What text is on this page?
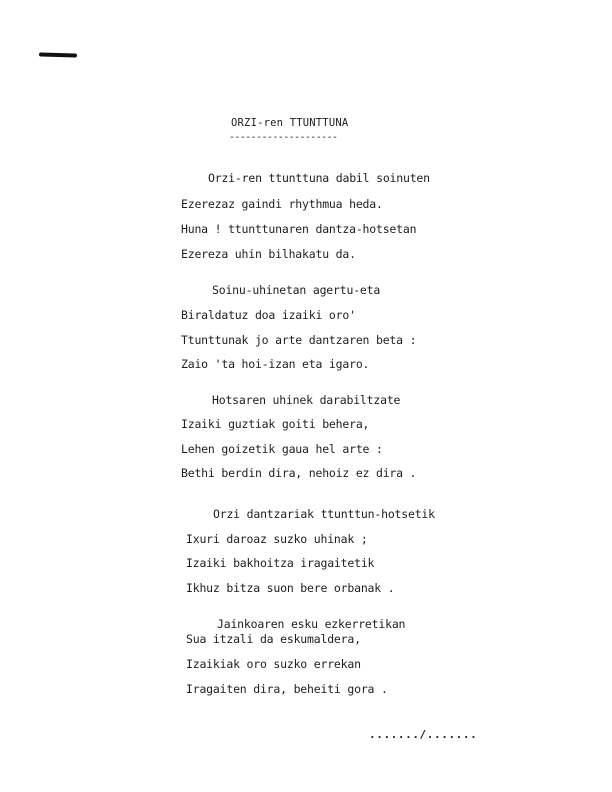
ORZI-ren TTUNTTUNA
--------------------
Orzi-ren ttunttuna dabil soinuten
Ezerezaz gaindi rhythmua heda.
Huna ! ttunttunaren dantza-hotsetan
Ezereza uhin bilhakatu da.
Soinu-uhinetan agertu-eta
Biraldatuz doa izaiki oro'
Ttunttunak jo arte dantzaren beta :
Zaio 'ta hoi-izan eta igaro.
Hotsaren uhinek darabiltzate
Izaiki guztiak goiti behera,
Lehen goizetik gaua hel arte :
Bethi berdin dira, nehoiz ez dira .
Orzi dantzariak ttunttun-hotsetik
Ixuri daroaz suzko uhinak ;
Izaiki bakhoitza iragaitetik
Ikhuz bitza suon bere orbanak .
Jainkoaren esku ezkerretikan
Sua itzali da eskumaldera,
Izaikiak oro suzko errekan
Iragaiten dira, beheiti gora .
......./.......
